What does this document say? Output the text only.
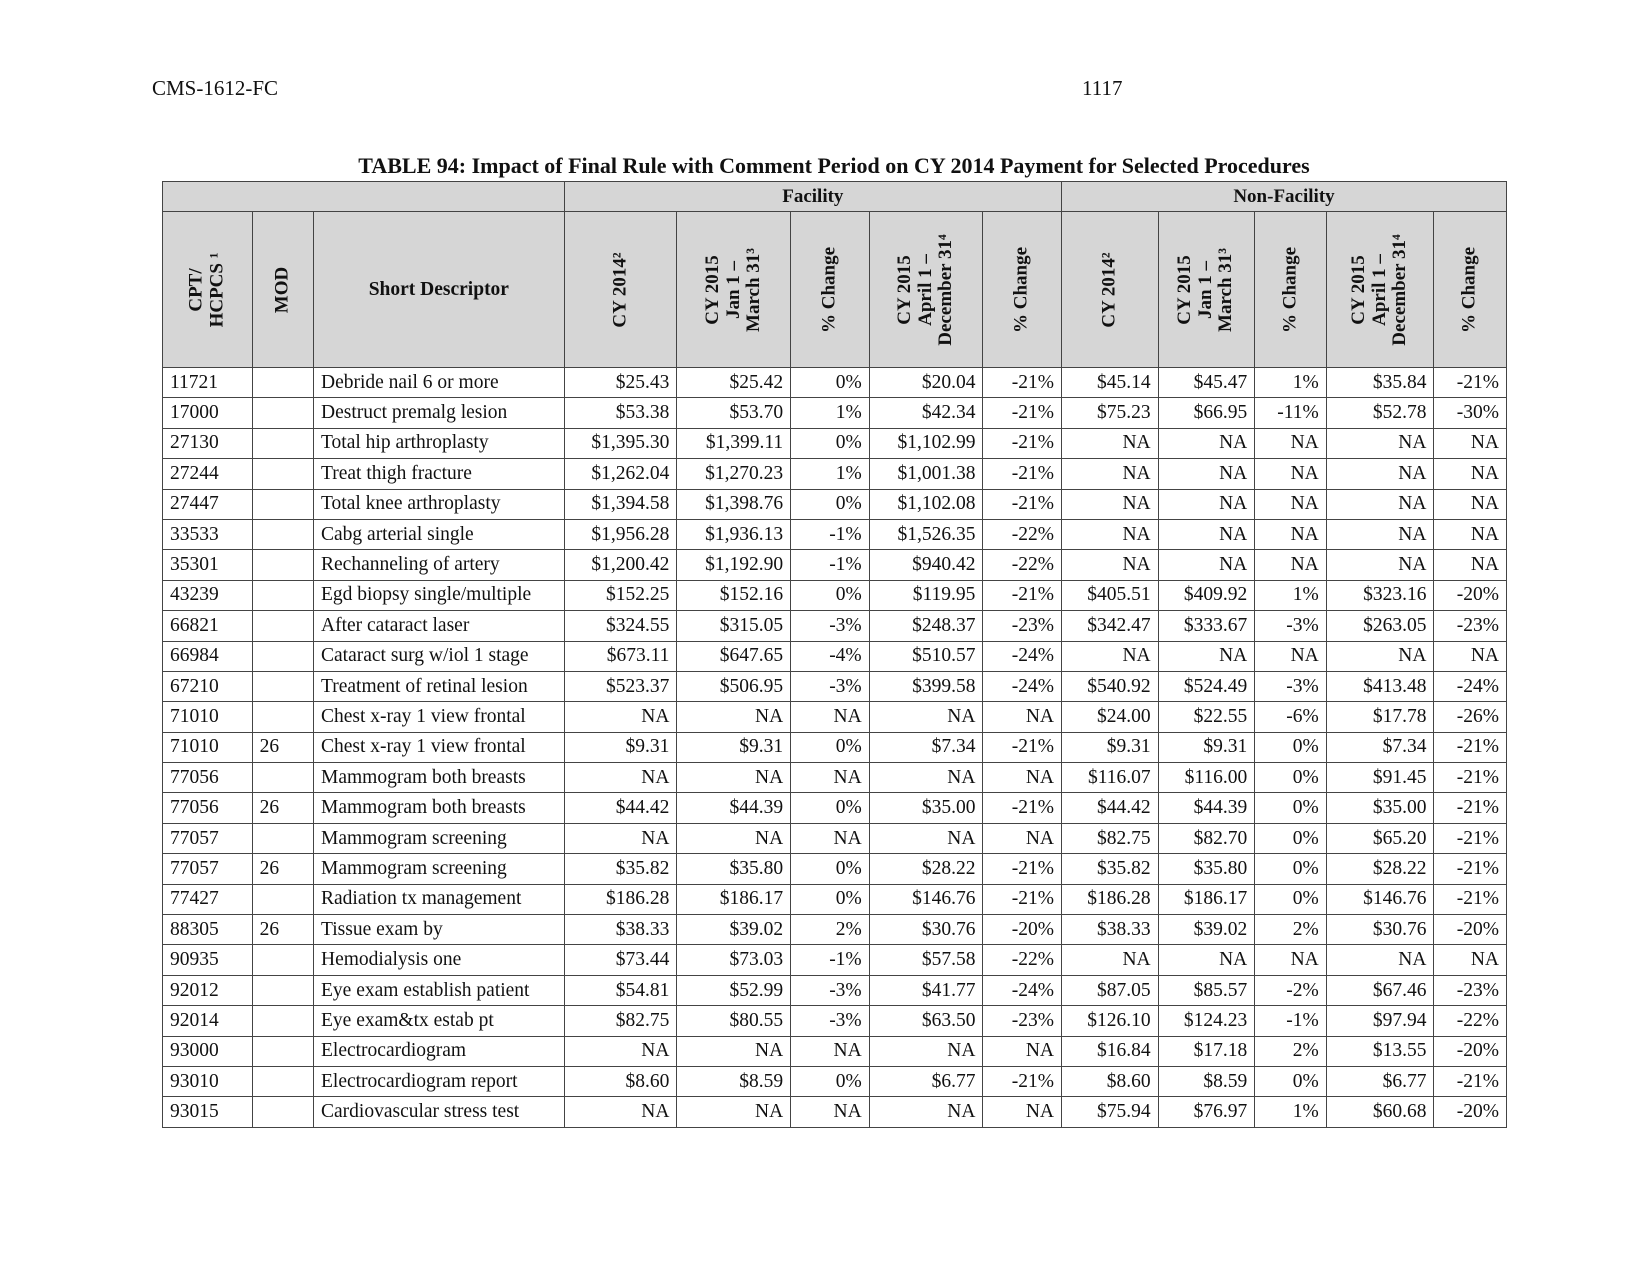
CMS-1612-FC	1117
TABLE 94: Impact of Final Rule with Comment Period on CY 2014 Payment for Selected Procedures
			Facility					Non-Facility				

CPT/
HCPCS ¹	MOD	Short Descriptor	CY 2014²	CY 2015
Jan 1 –
March 31³	% Change	CY 2015
April 1 –
December 31⁴	% Change	CY 2014²	CY 2015
Jan 1 –
March 31³	% Change	CY 2015
April 1 –
December 31⁴	% Change

11721		Debride nail 6 or more	$25.43	$25.42	0%	$20.04	-21%	$45.14	$45.47	1%	$35.84	-21%
17000		Destruct premalg lesion	$53.38	$53.70	1%	$42.34	-21%	$75.23	$66.95	-11%	$52.78	-30%
27130		Total hip arthroplasty	$1,395.30	$1,399.11	0%	$1,102.99	-21%	NA	NA	NA	NA	NA
27244		Treat thigh fracture	$1,262.04	$1,270.23	1%	$1,001.38	-21%	NA	NA	NA	NA	NA
27447		Total knee arthroplasty	$1,394.58	$1,398.76	0%	$1,102.08	-21%	NA	NA	NA	NA	NA
33533		Cabg arterial single	$1,956.28	$1,936.13	-1%	$1,526.35	-22%	NA	NA	NA	NA	NA
35301		Rechanneling of artery	$1,200.42	$1,192.90	-1%	$940.42	-22%	NA	NA	NA	NA	NA
43239		Egd biopsy single/multiple	$152.25	$152.16	0%	$119.95	-21%	$405.51	$409.92	1%	$323.16	-20%
66821		After cataract laser	$324.55	$315.05	-3%	$248.37	-23%	$342.47	$333.67	-3%	$263.05	-23%
66984		Cataract surg w/iol 1 stage	$673.11	$647.65	-4%	$510.57	-24%	NA	NA	NA	NA	NA
67210		Treatment of retinal lesion	$523.37	$506.95	-3%	$399.58	-24%	$540.92	$524.49	-3%	$413.48	-24%
71010		Chest x-ray 1 view frontal	NA	NA	NA	NA	NA	$24.00	$22.55	-6%	$17.78	-26%
71010	26	Chest x-ray 1 view frontal	$9.31	$9.31	0%	$7.34	-21%	$9.31	$9.31	0%	$7.34	-21%
77056		Mammogram both breasts	NA	NA	NA	NA	NA	$116.07	$116.00	0%	$91.45	-21%
77056	26	Mammogram both breasts	$44.42	$44.39	0%	$35.00	-21%	$44.42	$44.39	0%	$35.00	-21%
77057		Mammogram screening	NA	NA	NA	NA	NA	$82.75	$82.70	0%	$65.20	-21%
77057	26	Mammogram screening	$35.82	$35.80	0%	$28.22	-21%	$35.82	$35.80	0%	$28.22	-21%
77427		Radiation tx management	$186.28	$186.17	0%	$146.76	-21%	$186.28	$186.17	0%	$146.76	-21%
88305	26	Tissue exam by	$38.33	$39.02	2%	$30.76	-20%	$38.33	$39.02	2%	$30.76	-20%
90935		Hemodialysis one	$73.44	$73.03	-1%	$57.58	-22%	NA	NA	NA	NA	NA
92012		Eye exam establish patient	$54.81	$52.99	-3%	$41.77	-24%	$87.05	$85.57	-2%	$67.46	-23%
92014		Eye exam&tx estab pt	$82.75	$80.55	-3%	$63.50	-23%	$126.10	$124.23	-1%	$97.94	-22%
93000		Electrocardiogram	NA	NA	NA	NA	NA	$16.84	$17.18	2%	$13.55	-20%
93010		Electrocardiogram report	$8.60	$8.59	0%	$6.77	-21%	$8.60	$8.59	0%	$6.77	-21%
93015		Cardiovascular stress test	NA	NA	NA	NA	NA	$75.94	$76.97	1%	$60.68	-20%
